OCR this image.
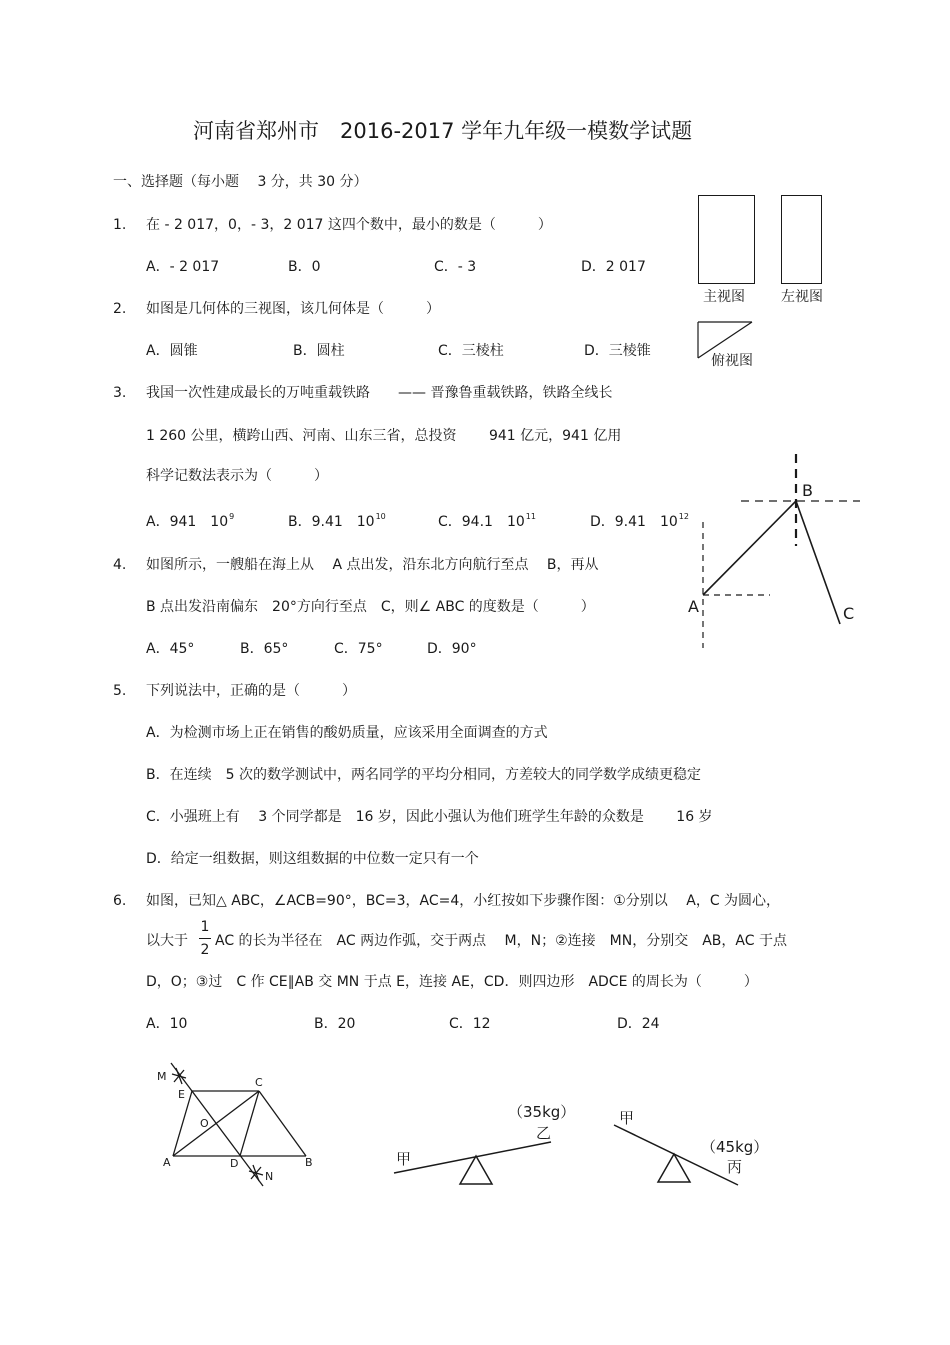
河南省郑州市　2016-2017 学年九年级一模数学试题
一、选择题（每小题　 3 分，共 30 分）
1. 在 - 2 017，0，- 3，2 017 这四个数中，最小的数是（　　　）
A．- 2 017	B．0	C．- 3	D．2 017
2. 如图是几何体的三视图，该几何体是（　　　）
A．圆锥	B．圆柱	C．三棱柱	D．三棱锥
主视图	左视图
俯视图
3. 我国一次性建成最长的万吨重载铁路　　—— 晋豫鲁重载铁路，铁路全线长
1 260 公里，横跨山西、河南、山东三省，总投资　　 941 亿元，941 亿用
科学记数法表示为（　　　）
A．941　$10^9$	B．9.41　$10^{10}$	C．94.1　$10^{11}$	D．9.41　$10^{12}$
4. 如图所示，一艘船在海上从　 A 点出发，沿东北方向航行至点　 B，再从
B 点出发沿南偏东　20°方向行至点　C，则∠ ABC 的度数是（　　　）
A．45°	B．65°	C．75°	D．90°
5. 下列说法中，正确的是（　　　）
A．为检测市场上正在销售的酸奶质量，应该采用全面调查的方式
B．在连续　5 次的数学测试中，两名同学的平均分相同，方差较大的同学数学成绩更稳定
C．小强班上有　 3 个同学都是　16 岁，因此小强认为他们班学生年龄的众数是　　 16 岁
D．给定一组数据，则这组数据的中位数一定只有一个
6. 如图，已知△ ABC，∠ACB=90°，BC=3，AC=4，小红按如下步骤作图：①分别以　 A，C 为圆心，
以大于
1
2
AC 的长为半径在　AC 两边作弧，交于两点　 M，N；②连接　MN，分别交　AB，AC 于点
D，O；③过　C 作 CE∥AB 交 MN 于点 E，连接 AE，CD．则四边形　ADCE 的周长为（　　　）
A．10	B．20	C．12	D．24
B
A	C
M
E
C
O
A	D	B
N
甲
（35kg）
乙
甲
（45kg）
丙
